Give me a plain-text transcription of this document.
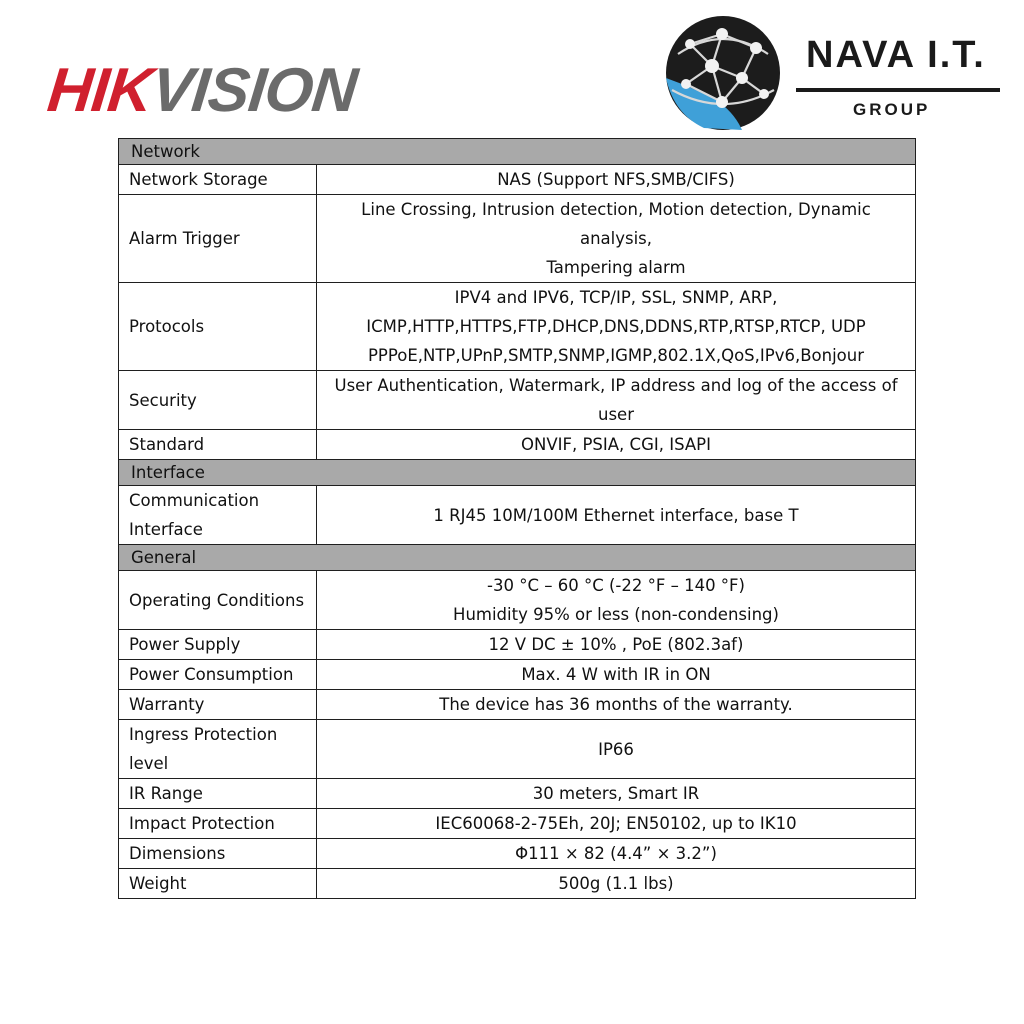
HIKVISION
NAVA I.T.
GROUP
Network	
Network Storage	NAS (Support NFS,SMB/CIFS)
Alarm Trigger	Line Crossing, Intrusion detection, Motion detection, Dynamic analysis,
Tampering alarm
Protocols	IPV4 and IPV6, TCP/IP, SSL, SNMP, ARP,
ICMP,HTTP,HTTPS,FTP,DHCP,DNS,DDNS,RTP,RTSP,RTCP, UDP
PPPoE,NTP,UPnP,SMTP,SNMP,IGMP,802.1X,QoS,IPv6,Bonjour
Security	User Authentication, Watermark, IP address and log of the access of
user
Standard	ONVIF, PSIA, CGI, ISAPI
Interface	
Communication
Interface	1 RJ45 10M/100M Ethernet interface, base T
General	
Operating Conditions	-30 °C – 60 °C (-22 °F – 140 °F)
Humidity 95% or less (non-condensing)
Power Supply	12 V DC ± 10% , PoE (802.3af)
Power Consumption	Max. 4 W with IR in ON
Warranty	The device has 36 months of the warranty.
Ingress Protection
level	IP66
IR Range	30 meters, Smart IR
Impact Protection	IEC60068-2-75Eh, 20J; EN50102, up to IK10
Dimensions	Φ111 × 82 (4.4” × 3.2”)
Weight	500g (1.1 lbs)
